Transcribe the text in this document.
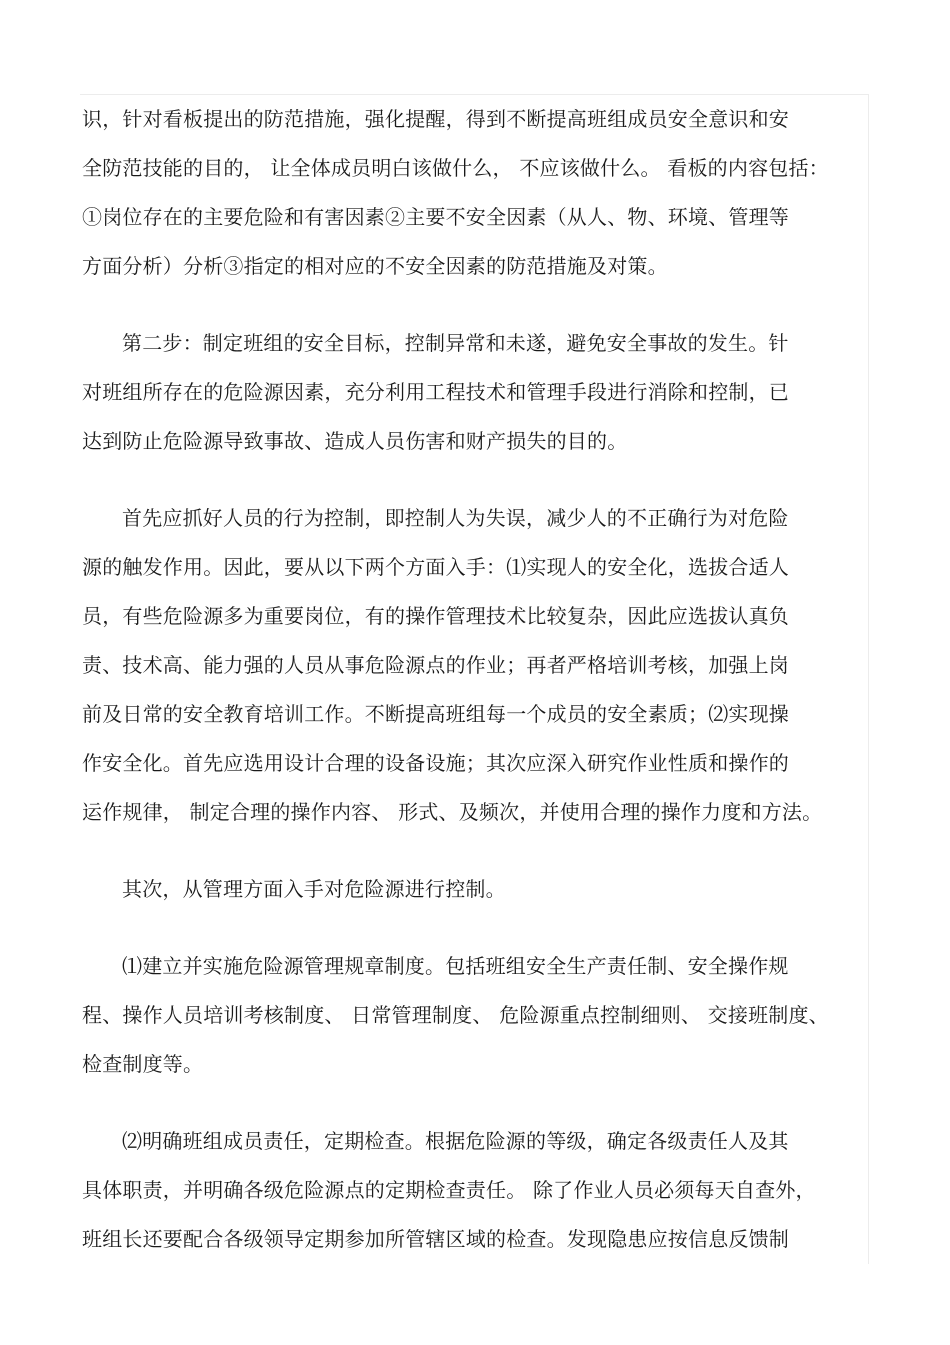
识，针对看板提出的防范措施，强化提醒，得到不断提高班组成员安全意识和安
全防范技能的目的， 让全体成员明白该做什么， 不应该做什么。 看板的内容包括：
①岗位存在的主要危险和有害因素②主要不安全因素（从人、物、环境、管理等
方面分析）分析③指定的相对应的不安全因素的防范措施及对策。
第二步：制定班组的安全目标，控制异常和未遂，避免安全事故的发生。针
对班组所存在的危险源因素，充分利用工程技术和管理手段进行消除和控制，已
达到防止危险源导致事故、造成人员伤害和财产损失的目的。
首先应抓好人员的行为控制，即控制人为失误，减少人的不正确行为对危险
源的触发作用。因此，要从以下两个方面入手：⑴实现人的安全化，选拔合适人
员，有些危险源多为重要岗位，有的操作管理技术比较复杂，因此应选拔认真负
责、技术高、能力强的人员从事危险源点的作业；再者严格培训考核，加强上岗
前及日常的安全教育培训工作。不断提高班组每一个成员的安全素质；⑵实现操
作安全化。首先应选用设计合理的设备设施；其次应深入研究作业性质和操作的
运作规律， 制定合理的操作内容、 形式、及频次，并使用合理的操作力度和方法。
其次，从管理方面入手对危险源进行控制。
⑴建立并实施危险源管理规章制度。包括班组安全生产责任制、安全操作规
程、操作人员培训考核制度、 日常管理制度、 危险源重点控制细则、 交接班制度、
检查制度等。
⑵明确班组成员责任，定期检查。根据危险源的等级，确定各级责任人及其
具体职责，并明确各级危险源点的定期检查责任。 除了作业人员必须每天自查外，
班组长还要配合各级领导定期参加所管辖区域的检查。发现隐患应按信息反馈制
